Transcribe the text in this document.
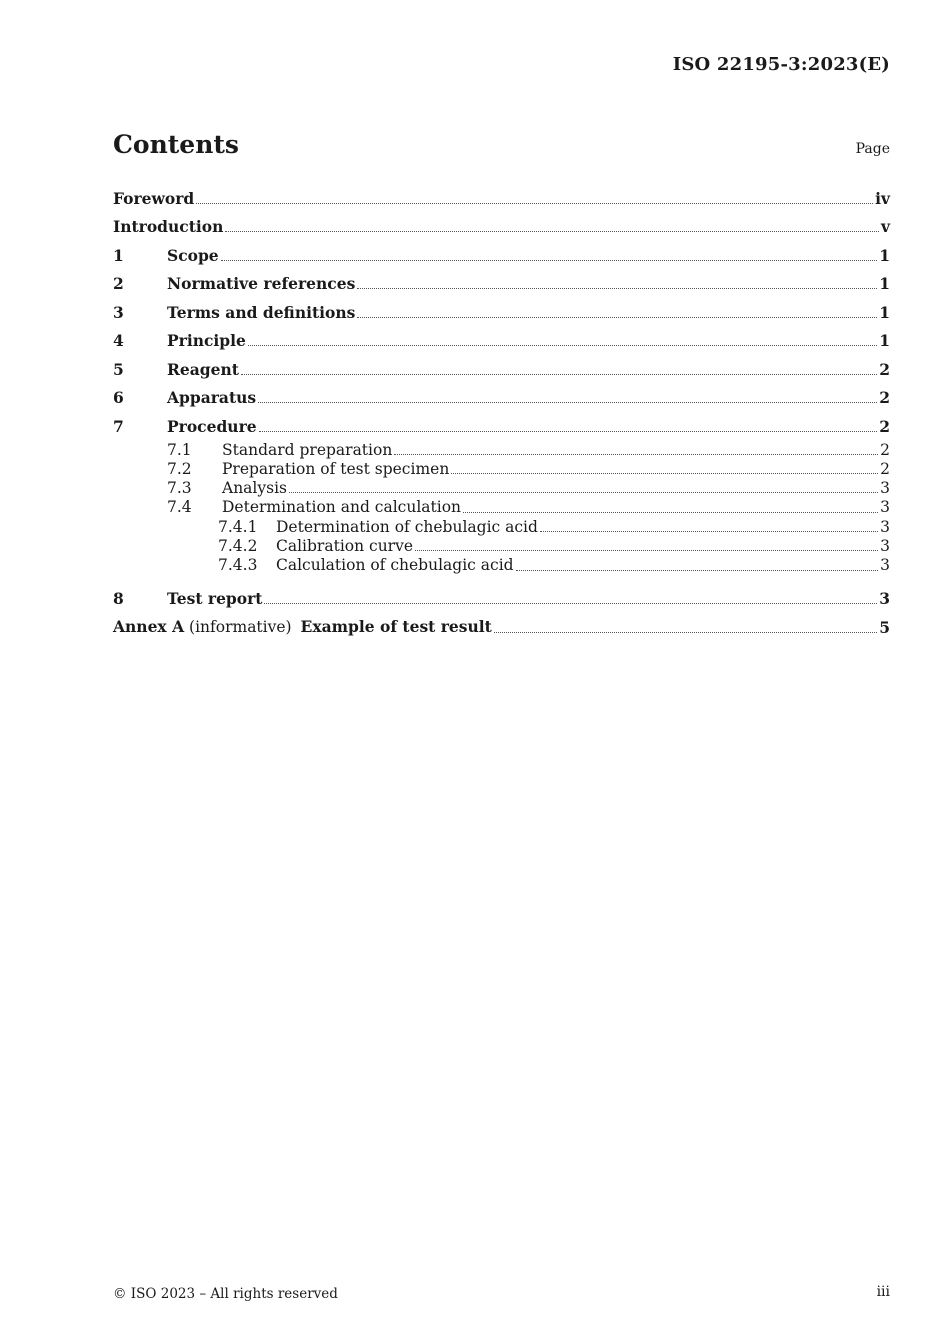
ISO 22195-3:2023(E)
Contents	Page
Foreword	iv
Introduction	v
1	Scope	1
2	Normative references	1
3	Terms and definitions	1
4	Principle	1
5	Reagent	2
6	Apparatus	2
7	Procedure	2
7.1	Standard preparation	2
7.2	Preparation of test specimen	2
7.3	Analysis	3
7.4	Determination and calculation	3
7.4.1	Determination of chebulagic acid	3
7.4.2	Calibration curve	3
7.4.3	Calculation of chebulagic acid	3
8	Test report	3
Annex A (informative) Example of test result	5
© ISO 2023 – All rights reserved	iii
